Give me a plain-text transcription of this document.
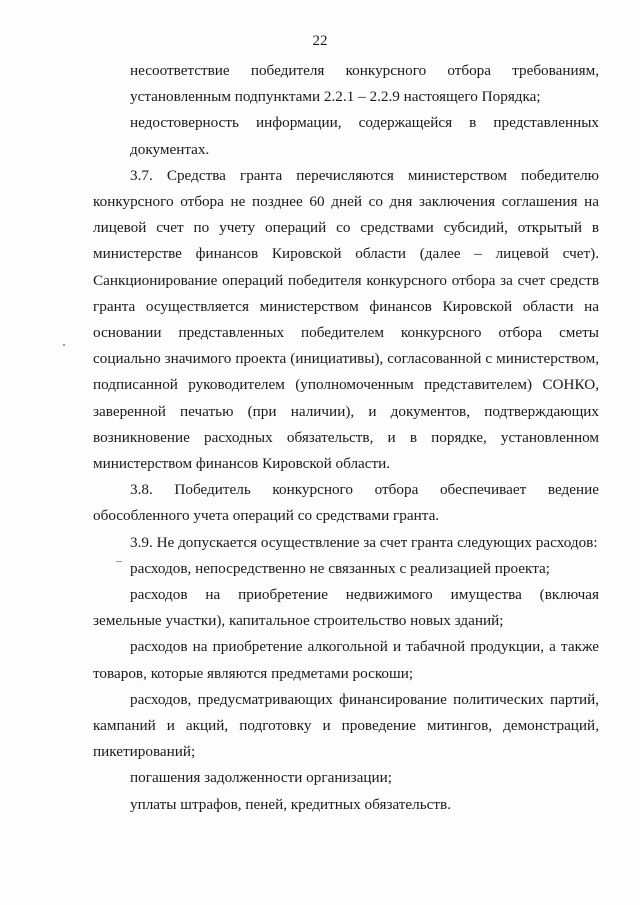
22

несоответствие победителя конкурсного отбора требованиям, установленным подпунктами 2.2.1 – 2.2.9 настоящего Порядка;

недостоверность информации, содержащейся в представленных документах.

3.7. Средства гранта перечисляются министерством победителю конкурсного отбора не позднее 60 дней со дня заключения соглашения на лицевой счет по учету операций со средствами субсидий, открытый в министерстве финансов Кировской области (далее – лицевой счет). Санкционирование операций победителя конкурсного отбора за счет средств гранта осуществляется министерством финансов Кировской области на основании представленных победителем конкурсного отбора сметы социально значимого проекта (инициативы), согласованной с министерством, подписанной руководителем (уполномоченным представителем) СОНКО, заверенной печатью (при наличии), и документов, подтверждающих возникновение расходных обязательств, и в порядке, установленном министерством финансов Кировской области.

3.8. Победитель конкурсного отбора обеспечивает ведение обособленного учета операций со средствами гранта.

3.9. Не допускается осуществление за счет гранта следующих расходов:

расходов, непосредственно не связанных с реализацией проекта;

расходов на приобретение недвижимого имущества (включая земельные участки), капитальное строительство новых зданий;

расходов на приобретение алкогольной и табачной продукции, а также товаров, которые являются предметами роскоши;

расходов, предусматривающих финансирование политических партий, кампаний и акций, подготовку и проведение митингов, демонстраций, пикетирований;

погашения задолженности организации;

уплаты штрафов, пеней, кредитных обязательств.
